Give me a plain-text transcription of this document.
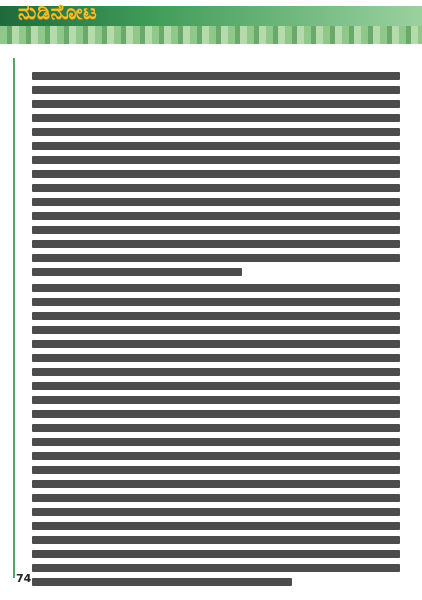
ನುಡಿನೋಟ
74
